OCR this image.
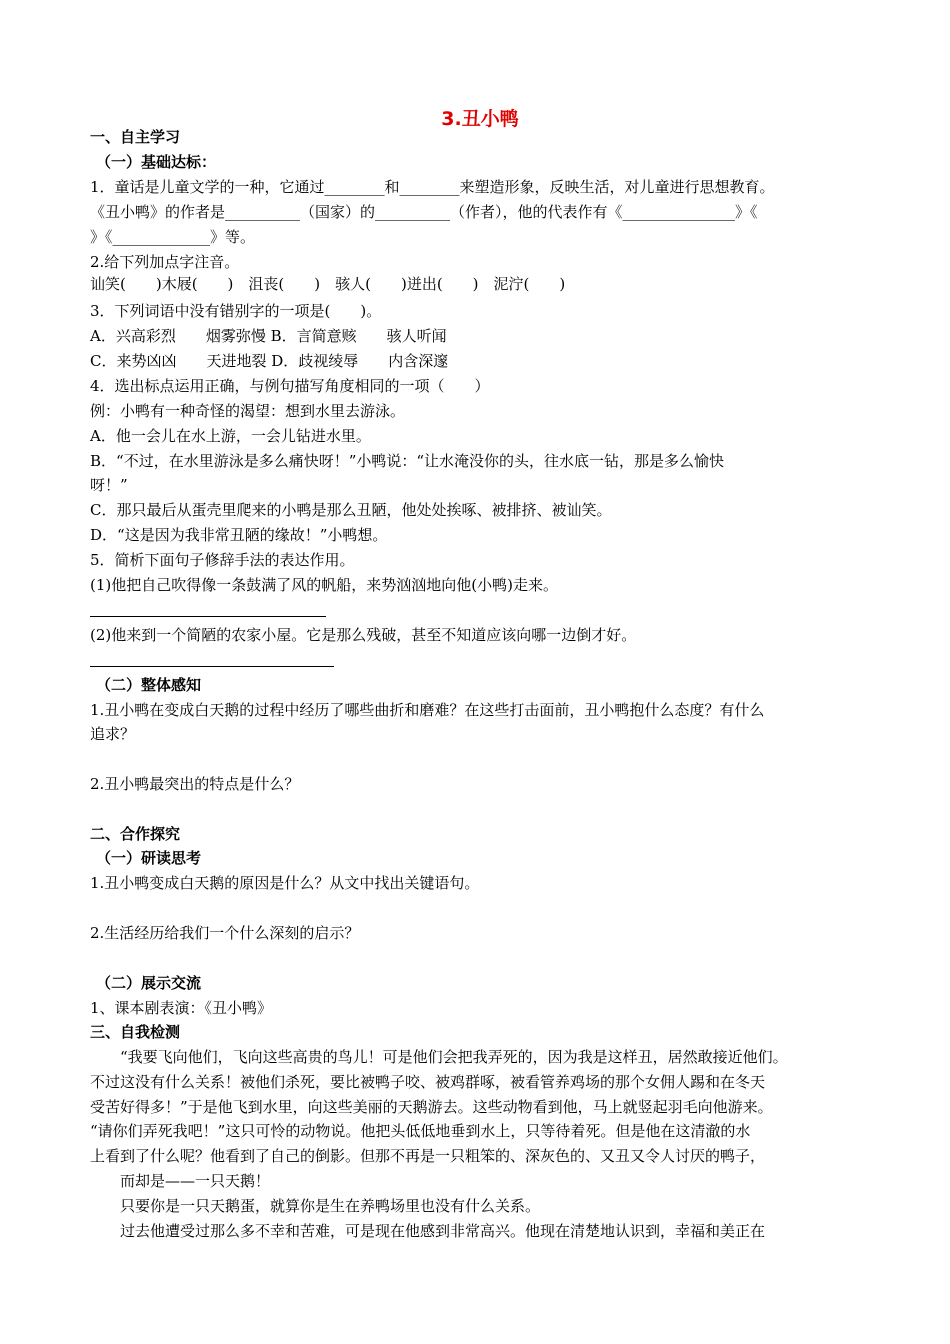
3.丑小鸭
一、自主学习
（一）基础达标：
1．童话是儿童文学的一种，它通过________和________来塑造形象，反映生活，对儿童进行思想教育。
《丑小鸭》的作者是__________（国家）的__________（作者），他的代表作有《_______________》《
》《_____________》等。
2.给下列加点字注音。
讪笑(　　)木屐(　　)　沮丧(　　)　骇人(　　)迸出(　　)　泥泞(　　)
3．下列词语中没有错别字的一项是(　　)。
A．兴高彩烈　　烟雾弥慢 B．言简意赅　　骇人听闻
C．来势凶凶　　天进地裂 D．歧视绫辱　　内含深邃
4．选出标点运用正确，与例句描写角度相同的一项（　　）
例：小鸭有一种奇怪的渴望：想到水里去游泳。
A．他一会儿在水上游，一会儿钻进水里。
B．“不过，在水里游泳是多么痛快呀！”小鸭说：“让水淹没你的头，往水底一钻，那是多么愉快
呀！”
C．那只最后从蛋壳里爬来的小鸭是那么丑陋，他处处挨啄、被排挤、被讪笑。
D．“这是因为我非常丑陋的缘故！”小鸭想。
5．简析下面句子修辞手法的表达作用。
(1)他把自己吹得像一条鼓满了风的帆船，来势汹汹地向他(小鸭)走来。
(2)他来到一个简陋的农家小屋。它是那么残破，甚至不知道应该向哪一边倒才好。
（二）整体感知
1.丑小鸭在变成白天鹅的过程中经历了哪些曲折和磨难？在这些打击面前，丑小鸭抱什么态度？有什么
追求？
2.丑小鸭最突出的特点是什么？
二、合作探究
（一）研读思考
1.丑小鸭变成白天鹅的原因是什么？从文中找出关键语句。
2.生活经历给我们一个什么深刻的启示？
（二）展示交流
1、课本剧表演：《丑小鸭》
三、自我检测
“我要飞向他们，飞向这些高贵的鸟儿！可是他们会把我弄死的，因为我是这样丑，居然敢接近他们。
不过这没有什么关系！被他们杀死，要比被鸭子咬、被鸡群啄，被看管养鸡场的那个女佣人踢和在冬天
受苦好得多！”于是他飞到水里，向这些美丽的天鹅游去。这些动物看到他，马上就竖起羽毛向他游来。
“请你们弄死我吧！”这只可怜的动物说。他把头低低地垂到水上，只等待着死。但是他在这清澈的水
上看到了什么呢？他看到了自己的倒影。但那不再是一只粗笨的、深灰色的、又丑又令人讨厌的鸭子，
而却是——一只天鹅！
只要你是一只天鹅蛋，就算你是生在养鸭场里也没有什么关系。
过去他遭受过那么多不幸和苦难，可是现在他感到非常高兴。他现在清楚地认识到，幸福和美正在
